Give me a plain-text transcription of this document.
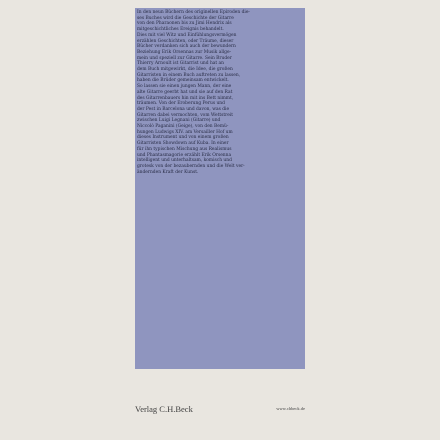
In den neun Büchern des originellen Epiroden die-
ses Buches wird die Geschichte der Gitarre
von den Pharaonen bis zu Jimi Hendrix als
mitgeschichtliches Ereignis behandelt.
Dies mit viel Witz und Einfühlungsvermögen
erzählen Geschichten, oder Träume, dieser
Bücher verdanken sich auch der bewundern
Beziehung Erik Orsennas zur Musik allge-
mein und speziell zur Gitarre. Sein Bruder
Thierry Arnoult ist Gitarrist und hat an
dem Buch mitgewirkt, die Idee, die großen
Gitarristen in einem Buch auftreten zu lassen,
haben die Brüder gemeinsam entwickelt.
So lassen sie einen jungen Mann, der eine
alte Gitarre geerbt hat und sie auf den Rat
des Gitarrenbauers hin mit ins Bett nimmt,
träumen. Von der Eroberung Perus und
der Pest in Barcelona und davon, was die
Gitarren dabei vermochten, vom Wettstreit
zwischen Luigi Legnani (Gitarre) und
Niccolò Paganini (Geige), von den Bemü-
hungen Ludwigs XIV. am Versailler Hof um
dieses Instrument und von einem großen
Gitarristen Showdown auf Kuba. In einer
für ihn typischen Mischung aus Realismus
und Phantasmagorie erzählt Erik Orsenna
intelligent und unterhaltsam, komisch und
grotesk von der bezaubernden und die Welt ver-
ändernden Kraft der Kunst.
Verlag C.H.Beck	www.chbeck.de
